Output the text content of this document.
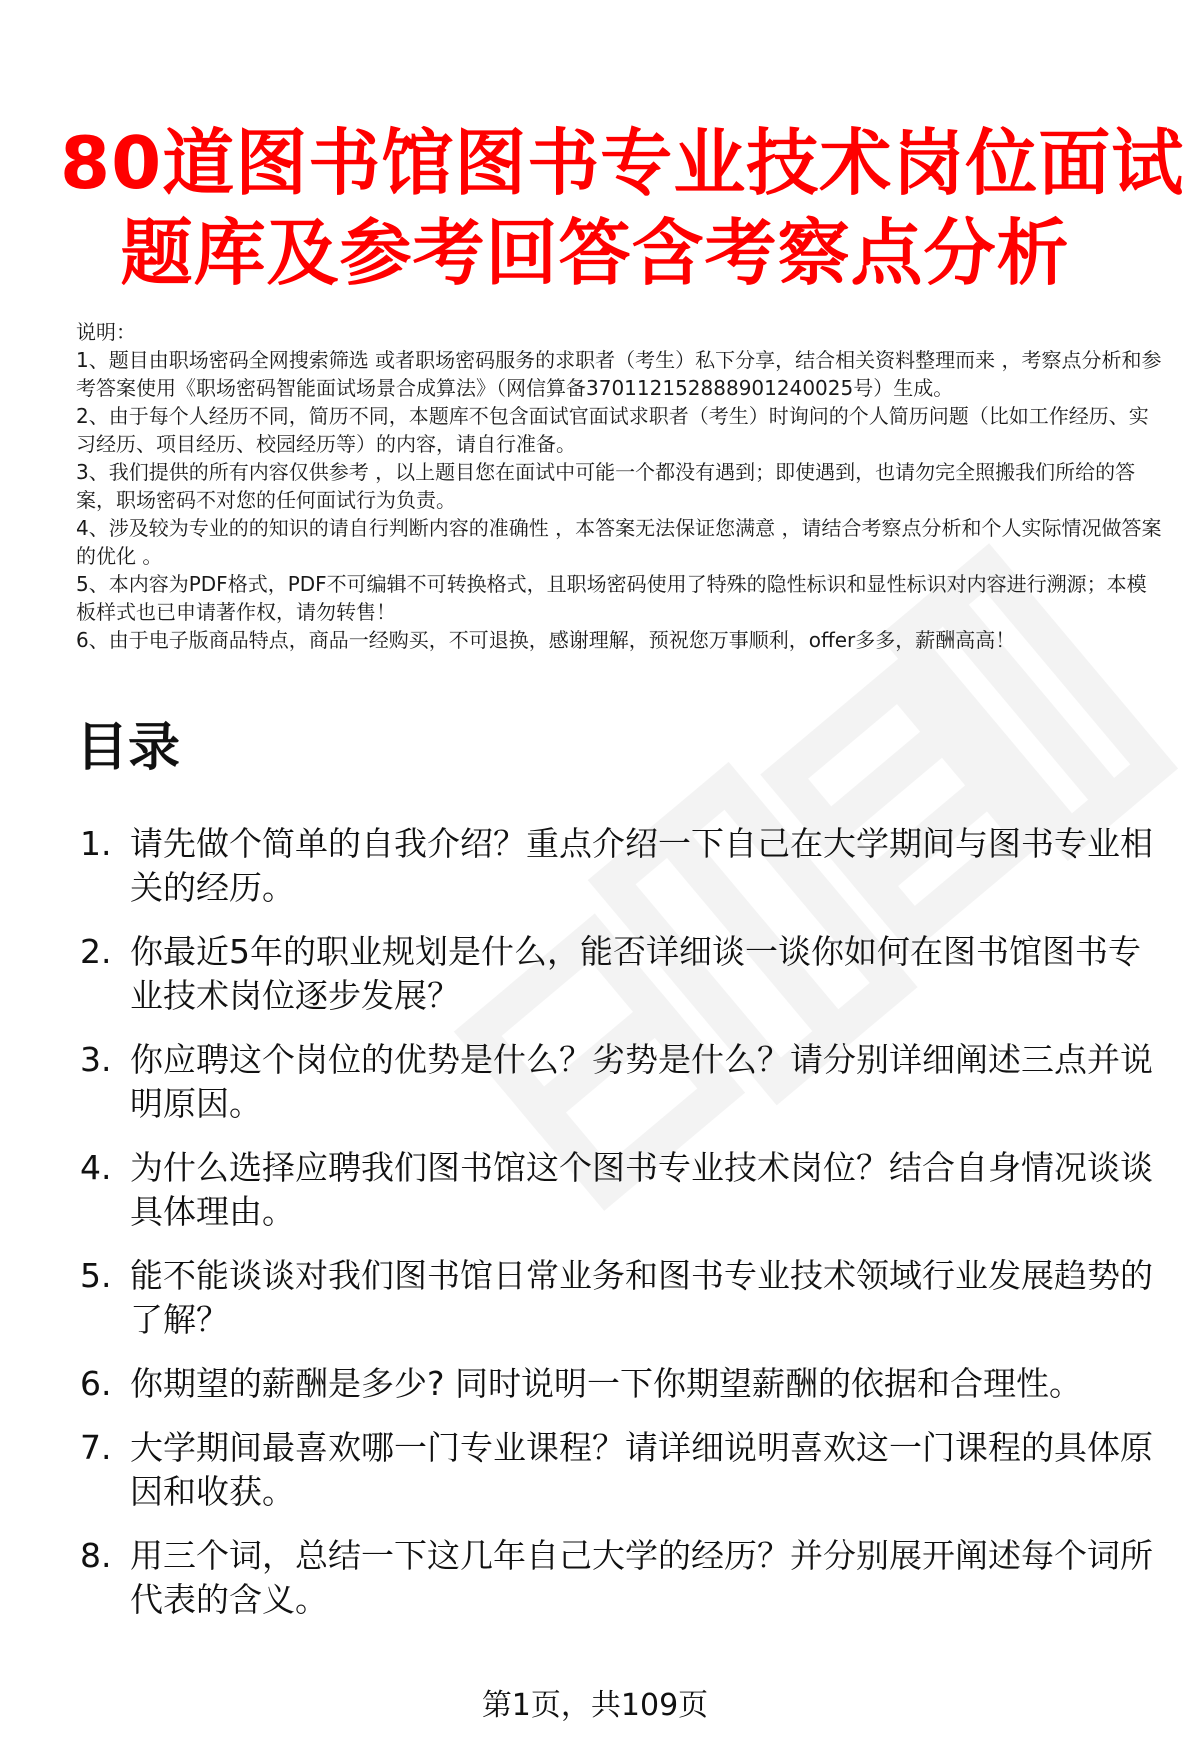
80道图书馆图书专业技术岗位面试
题库及参考回答含考察点分析

说明：

1、题目由职场密码全网搜索筛选 或者职场密码服务的求职者（考生）私下分享，结合相关资料整理而来 ，考察点分析和参考答案使用《职场密码智能面试场景合成算法》（网信算备370112152888901240025号）生成。

2、由于每个人经历不同，简历不同，本题库不包含面试官面试求职者（考生）时询问的个人简历问题（比如工作经历、实习经历、项目经历、校园经历等）的内容，请自行准备。

3、我们提供的所有内容仅供参考 ，以上题目您在面试中可能一个都没有遇到；即使遇到，也请勿完全照搬我们所给的答案，职场密码不对您的任何面试行为负责。

4、涉及较为专业的的知识的请自行判断内容的准确性 ，本答案无法保证您满意 ，请结合考察点分析和个人实际情况做答案的优化 。

5、本内容为PDF格式，PDF不可编辑不可转换格式，且职场密码使用了特殊的隐性标识和显性标识对内容进行溯源；本模板样式也已申请著作权，请勿转售！

6、由于电子版商品特点，商品一经购买，不可退换，感谢理解，预祝您万事顺利，offer多多，薪酬高高！

目录
1. 请先做个简单的自我介绍？重点介绍一下自己在大学期间与图书专业相关的经历。
2. 你最近5年的职业规划是什么，能否详细谈一谈你如何在图书馆图书专业技术岗位逐步发展？
3. 你应聘这个岗位的优势是什么？劣势是什么？请分别详细阐述三点并说明原因。
4. 为什么选择应聘我们图书馆这个图书专业技术岗位？结合自身情况谈谈具体理由。
5. 能不能谈谈对我们图书馆日常业务和图书专业技术领域行业发展趋势的了解？
6. 你期望的薪酬是多少? 同时说明一下你期望薪酬的依据和合理性。
7. 大学期间最喜欢哪一门专业课程？请详细说明喜欢这一门课程的具体原因和收获。
8. 用三个词，总结一下这几年自己大学的经历？并分别展开阐述每个词所代表的含义。
第1页，共109页
